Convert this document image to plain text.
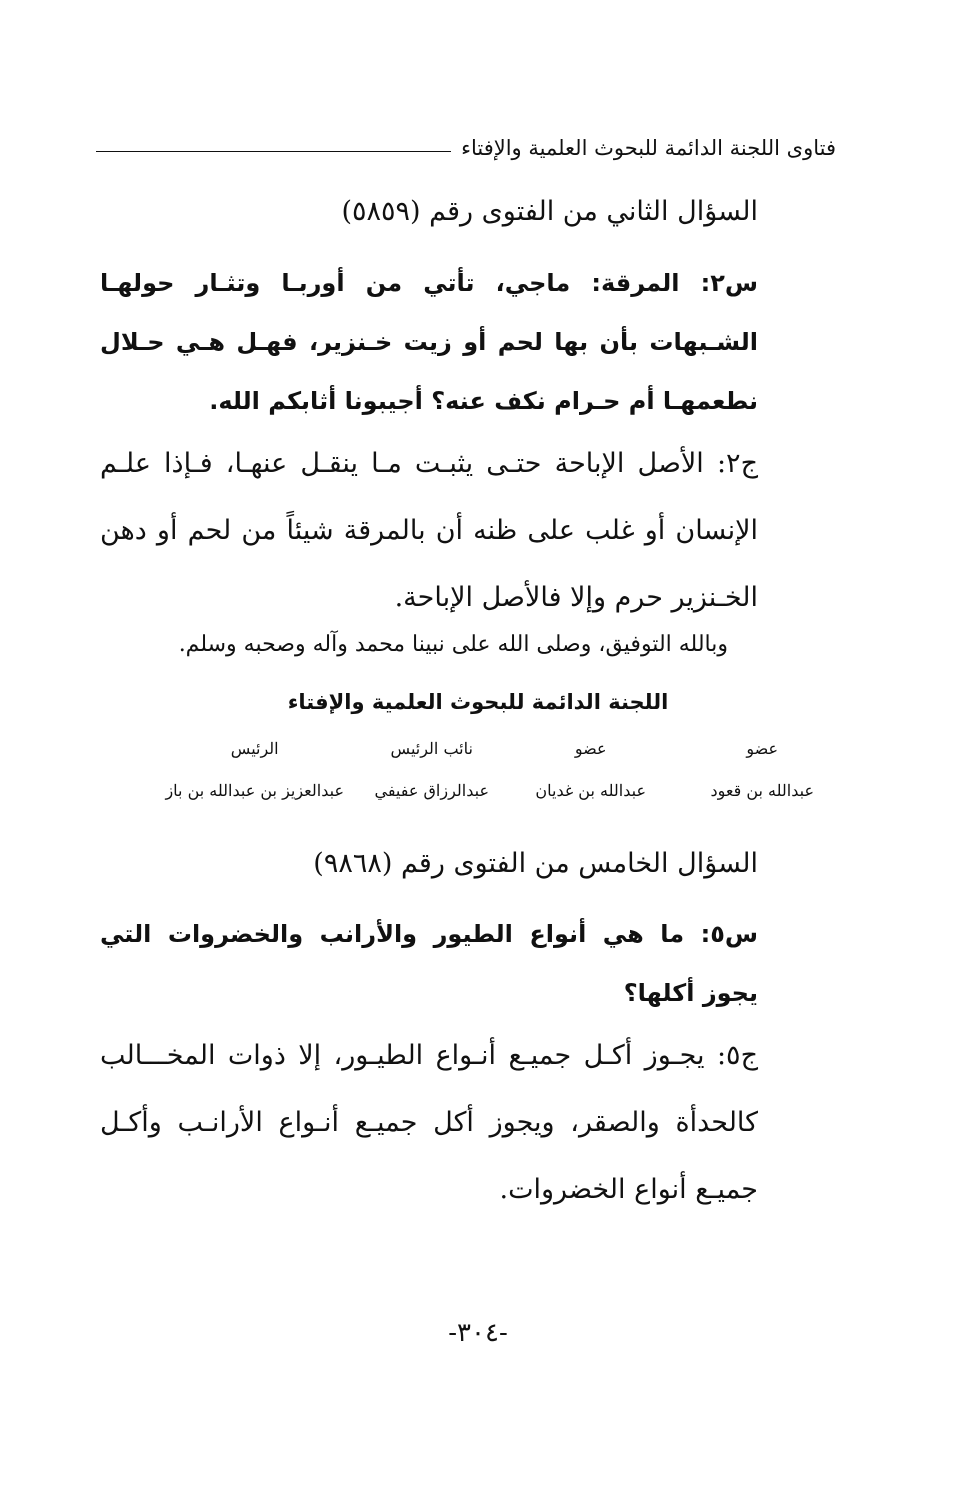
فتاوى اللجنة الدائمة للبحوث العلمية والإفتاء
السؤال الثاني من الفتوى رقم (٥٨٥٩)
س٢: المرقة: ماجي، تأتي من أوربـا وتثـار حولهـا الشـبهات بأن بها لحم أو زيت خـنزير، فهـل هـي حـلال نطعمهـا أم حـرام نكف عنه؟ أجيبونا أثابكم الله.
ج٢: الأصل الإباحة حتـى يثبـت مـا ينقـل عنهـا، فـإذا علـم الإنسان أو غلب على ظنه أن بالمرقة شيئاً من لحم أو دهن الخـنزير حرم وإلا فالأصل الإباحة.
وبالله التوفيق، وصلى الله على نبينا محمد وآله وصحبه وسلم.
اللجنة الدائمة للبحوث العلمية والإفتاء
عضو
عبدالله بن قعود
عضو
عبدالله بن غديان
نائب الرئيس
عبدالرزاق عفيفي
الرئيس
عبدالعزيز بن عبدالله بن باز
السؤال الخامس من الفتوى رقم (٩٨٦٨)
س٥: ما هي أنواع الطيور والأرانب والخضروات التي يجوز أكلها؟
ج٥: يجـوز أكـل جميـع أنـواع الطيـور، إلا ذوات المخـــالب كالحدأة والصقر، ويجوز أكل جميـع أنـواع الأرانـب وأكـل جميـع أنواع الخضروات.
-٣٠٤-
